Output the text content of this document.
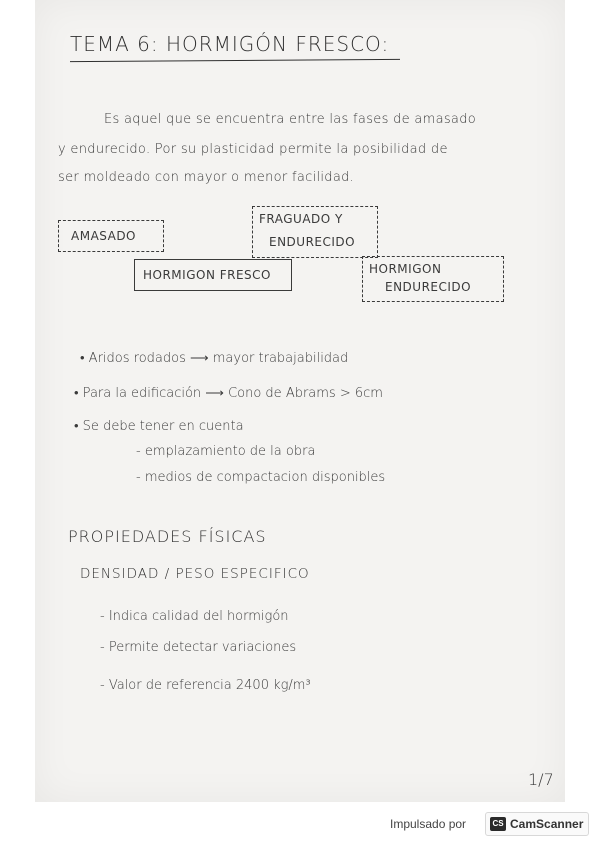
TEMA 6: HORMIGÓN FRESCO:
Es aquel que se encuentra entre las fases de amasado
y endurecido. Por su plasticidad permite la posibilidad de
ser moldeado con mayor o menor facilidad.
AMASADO
FRAGUADO Y
ENDURECIDO
HORMIGON FRESCO	HORMIGON
ENDURECIDO
• Aridos rodados ⟶ mayor trabajabilidad
• Para la edificación ⟶ Cono de Abrams > 6cm
• Se debe tener en cuenta
- emplazamiento de la obra
- medios de compactacion disponibles
PROPIEDADES FÍSICAS
DENSIDAD / PESO ESPECIFICO
- Indica calidad del hormigón
- Permite detectar variaciones
- Valor de referencia 2400 kg/m³
1/7
Impulsado por	CS CamScanner
